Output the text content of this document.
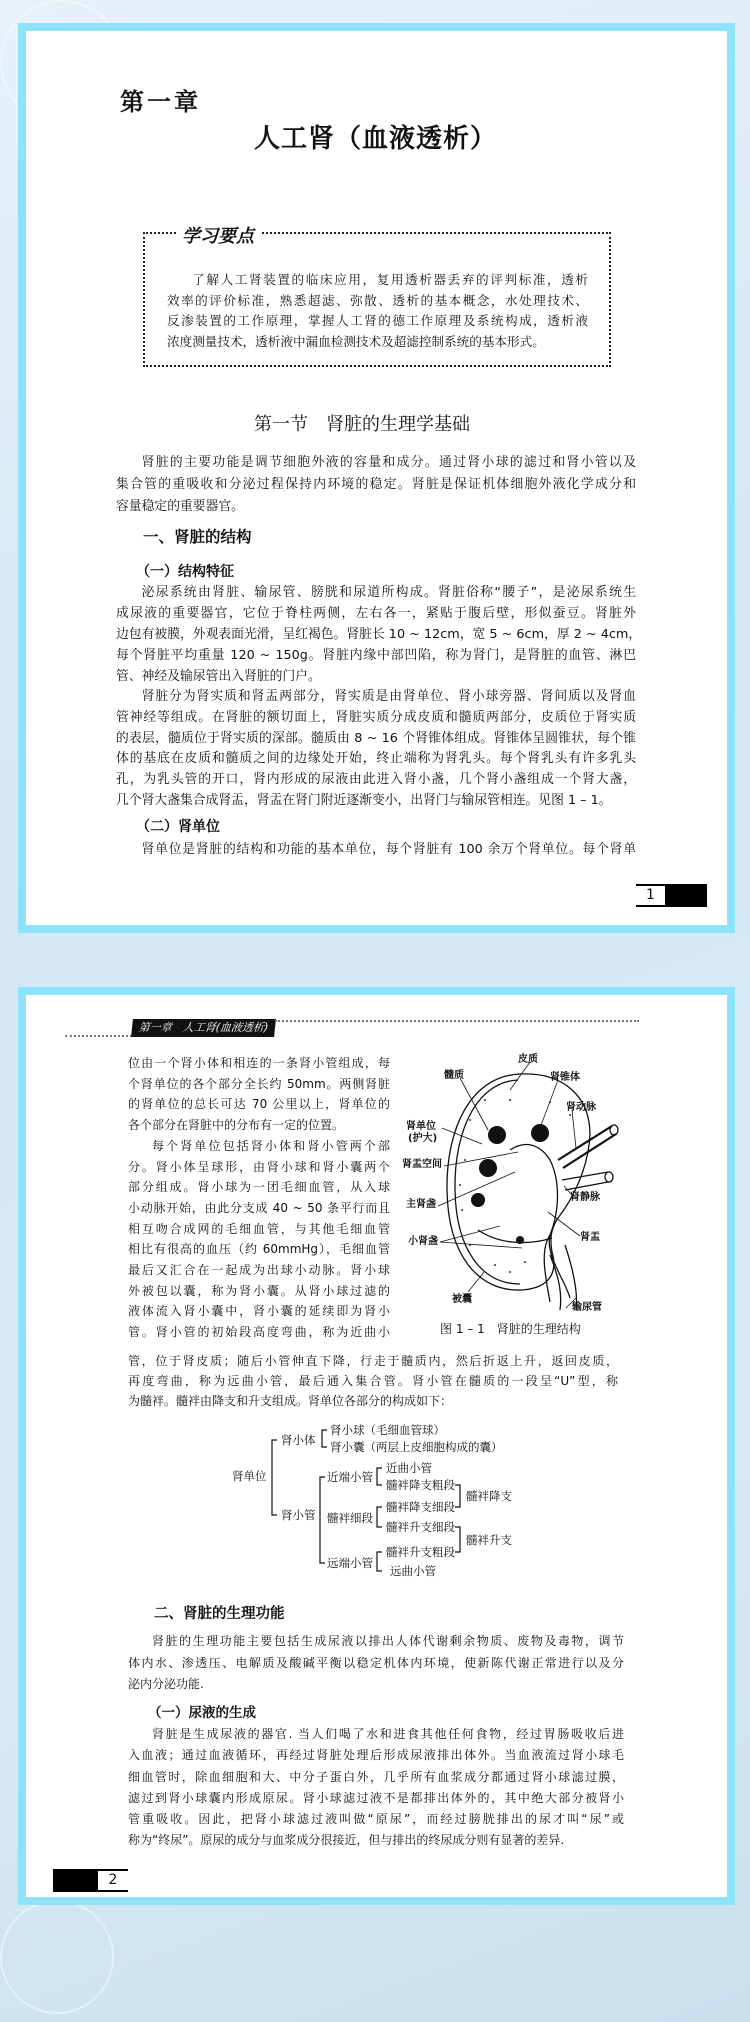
第一章
人工肾（血液透析）
学习要点
了解人工肾装置的临床应用，复用透析器丢弃的评判标准，透析
效率的评价标准，熟悉超滤、弥散、透析的基本概念，水处理技术、
反渗装置的工作原理，掌握人工肾的德工作原理及系统构成，透析液
浓度测量技术，透析液中漏血检测技术及超滤控制系统的基本形式。
第一节　肾脏的生理学基础
肾脏的主要功能是调节细胞外液的容量和成分。通过肾小球的滤过和肾小管以及
集合管的重吸收和分泌过程保持内环境的稳定。肾脏是保证机体细胞外液化学成分和
容量稳定的重要器官。
一、肾脏的结构
（一）结构特征
泌尿系统由肾脏、输尿管、膀胱和尿道所构成。肾脏俗称“腰子”，是泌尿系统生
成尿液的重要器官，它位于脊柱两侧，左右各一，紧贴于腹后壁，形似蚕豆。肾脏外
边包有被膜，外观表面光滑，呈红褐色。肾脏长 10 ~ 12cm，宽 5 ~ 6cm，厚 2 ~ 4cm，
每个肾脏平均重量 120 ~ 150g。肾脏内缘中部凹陷，称为肾门，是肾脏的血管、淋巴
管、神经及输尿管出入肾脏的门户。
肾脏分为肾实质和肾盂两部分，肾实质是由肾单位、肾小球旁器、肾间质以及肾血
管神经等组成。在肾脏的额切面上，肾脏实质分成皮质和髓质两部分，皮质位于肾实质
的表层，髓质位于肾实质的深部。髓质由 8 ~ 16 个肾锥体组成。肾锥体呈圆锥状，每个锥
体的基底在皮质和髓质之间的边缘处开始，终止端称为肾乳头。每个肾乳头有许多乳头
孔，为乳头管的开口，肾内形成的尿液由此进入肾小盏，几个肾小盏组成一个肾大盏，
几个肾大盏集合成肾盂，肾盂在肾门附近逐渐变小，出肾门与输尿管相连。见图 1 – 1。
（二）肾单位
肾单位是肾脏的结构和功能的基本单位，每个肾脏有 100 余万个肾单位。每个肾单
1
第一章　人工肾(血液透析)
位由一个肾小体和相连的一条肾小管组成，每
个肾单位的各个部分全长约 50mm。两侧肾脏
的肾单位的总长可达 70 公里以上，肾单位的
各个部分在肾脏中的分布有一定的位置。
每个肾单位包括肾小体和肾小管两个部
分。肾小体呈球形，由肾小球和肾小囊两个
部分组成。肾小球为一团毛细血管，从入球
小动脉开始，由此分支成 40 ~ 50 条平行而且
相互吻合成网的毛细血管，与其他毛细血管
相比有很高的血压（约 60mmHg），毛细血管
最后又汇合在一起成为出球小动脉。肾小球
外被包以囊，称为肾小囊。从肾小球过滤的
液体流入肾小囊中，肾小囊的延续即为肾小
管。肾小管的初始段高度弯曲，称为近曲小
管，位于肾皮质；随后小管伸直下降，行走于髓质内，然后折返上升，返回皮质，
再度弯曲，称为远曲小管，最后通入集合管。肾小管在髓质的一段呈“U”型，称
为髓袢。髓袢由降支和升支组成。肾单位各部分的构成如下：
皮质
髓质	肾锥体
肾动脉
肾单位
(护大)
肾盂空间
主肾盏
小肾盏
肾静脉
肾盂
被囊
输尿管
图 1 – 1　肾脏的生理结构
肾单位
肾小体
肾小球（毛细血管球）
肾小囊（两层上皮细胞构成的囊）
肾小管
近端小管
近曲小管
髓袢降支粗段
髓袢细段
髓袢降支细段
髓袢升支细段
远端小管
髓袢升支粗段
远曲小管
髓袢降支
髓袢升支
二、肾脏的生理功能
肾脏的生理功能主要包括生成尿液以排出人体代谢剩余物质、废物及毒物，调节
体内水、渗透压、电解质及酸碱平衡以稳定机体内环境，使新陈代谢正常进行以及分
泌内分泌功能.
（一）尿液的生成
肾脏是生成尿液的器官. 当人们喝了水和进食其他任何食物，经过胃肠吸收后进
入血液；通过血液循环，再经过肾脏处理后形成尿液排出体外。当血液流过肾小球毛
细血管时，除血细胞和大、中分子蛋白外，几乎所有血浆成分都通过肾小球滤过膜，
滤过到肾小球囊内形成原尿。肾小球滤过液不是都排出体外的，其中绝大部分被肾小
管重吸收。因此，把肾小球滤过液叫做“原尿”，而经过膀胱排出的尿才叫“尿”或
称为“终尿”。原尿的成分与血浆成分很接近，但与排出的终尿成分则有显著的差异.
2
